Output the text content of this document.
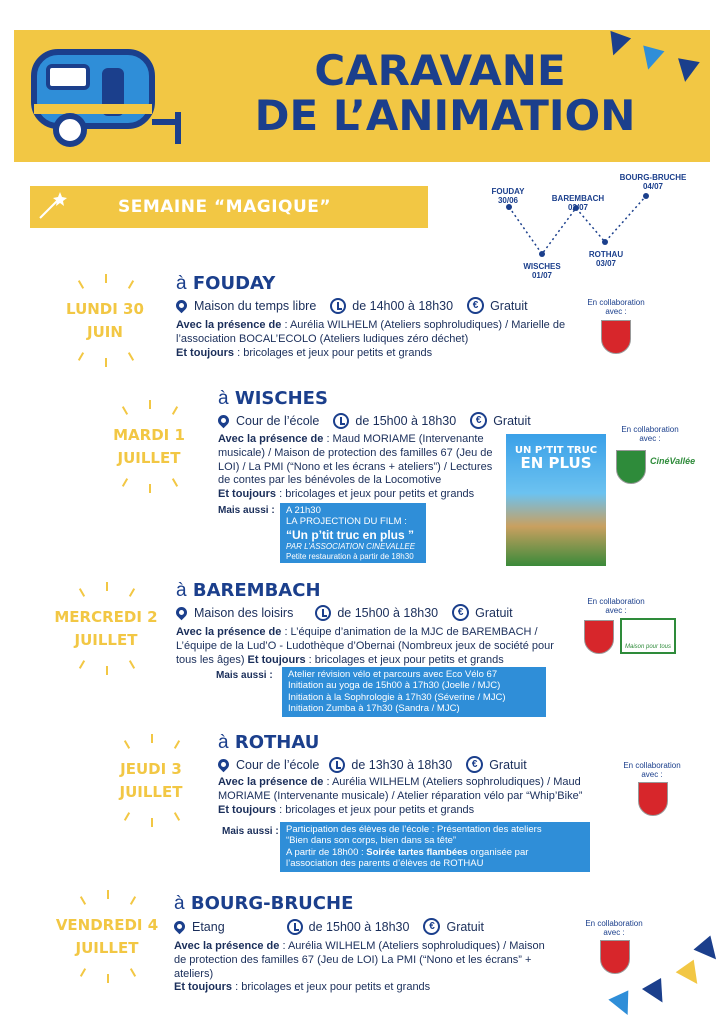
CARAVANE
DE L’ANIMATION
SEMAINE “MAGIQUE”
FOUDAY
30/06
WISCHES
01/07
BAREMBACH
02/07
ROTHAU
03/07
BOURG-BRUCHE
04/07
LUNDI 30
JUIN
à FOUDAY
Maison du temps libre	de 14h00 à 18h30	€ Gratuit
Avec la présence de : Aurélia WILHELM (Ateliers sophroludiques) / Marielle de l’association BOCAL’ECOLO (Ateliers ludiques zéro déchet)
Et toujours : bricolages et jeux pour petits et grands
En collaboration avec :
MARDI 1
JUILLET
à WISCHES
Cour de l’école	de 15h00 à 18h30	€ Gratuit
Avec la présence de : Maud MORIAME (Intervenante musicale) / Maison de protection des familles 67 (Jeu de LOI) / La PMI (“Nono et les écrans + ateliers”) / Lectures de contes par les bénévoles de la Locomotive
Et toujours : bricolages et jeux pour petits et grands
Mais aussi : A 21h30
LA PROJECTION DU FILM :
“Un p’tit truc en plus ”
PAR L’ASSOCIATION CINEVALLEE
Petite restauration à partir de 18h30
UN P’TIT TRUC
EN PLUS
En collaboration avec :
CinéVallée
MERCREDI 2
JUILLET
à BAREMBACH
Maison des loisirs	de 15h00 à 18h30	€ Gratuit
Avec la présence de : L’équipe d’animation de la MJC de BAREMBACH / L’équipe de la Lud’O - Ludothèque d’Obernai (Nombreux jeux de société pour tous les âges) Et toujours : bricolages et jeux pour petits et grands
Mais aussi : Atelier révision vélo et parcours avec Eco Vélo 67
Initiation au yoga de 15h00 à 17h30 (Joelle / MJC)
Initiation à la Sophrologie à 17h30 (Séverine / MJC)
Initiation Zumba à 17h30 (Sandra / MJC)
En collaboration avec :
Maison pour tous
JEUDI 3
JUILLET
à ROTHAU
Cour de l’école	de 13h30 à 18h30	€ Gratuit
Avec la présence de : Aurélia WILHELM (Ateliers sophroludiques) / Maud MORIAME (Intervenante musicale) / Atelier réparation vélo par “Whip’Bike”
Et toujours : bricolages et jeux pour petits et grands
Mais aussi : Participation des élèves de l’école : Présentation des ateliers
“Bien dans son corps, bien dans sa tête”
A partir de 18h00 : Soirée tartes flambées organisée par
l’association des parents d’élèves de ROTHAU
En collaboration avec :
VENDREDI 4
JUILLET
à BOURG-BRUCHE
Etang	de 15h00 à 18h30	€ Gratuit
Avec la présence de : Aurélia WILHELM (Ateliers sophroludiques) / Maison de protection des familles 67 (Jeu de LOI) La PMI (“Nono et les écrans” + ateliers)
Et toujours : bricolages et jeux pour petits et grands
En collaboration avec :
